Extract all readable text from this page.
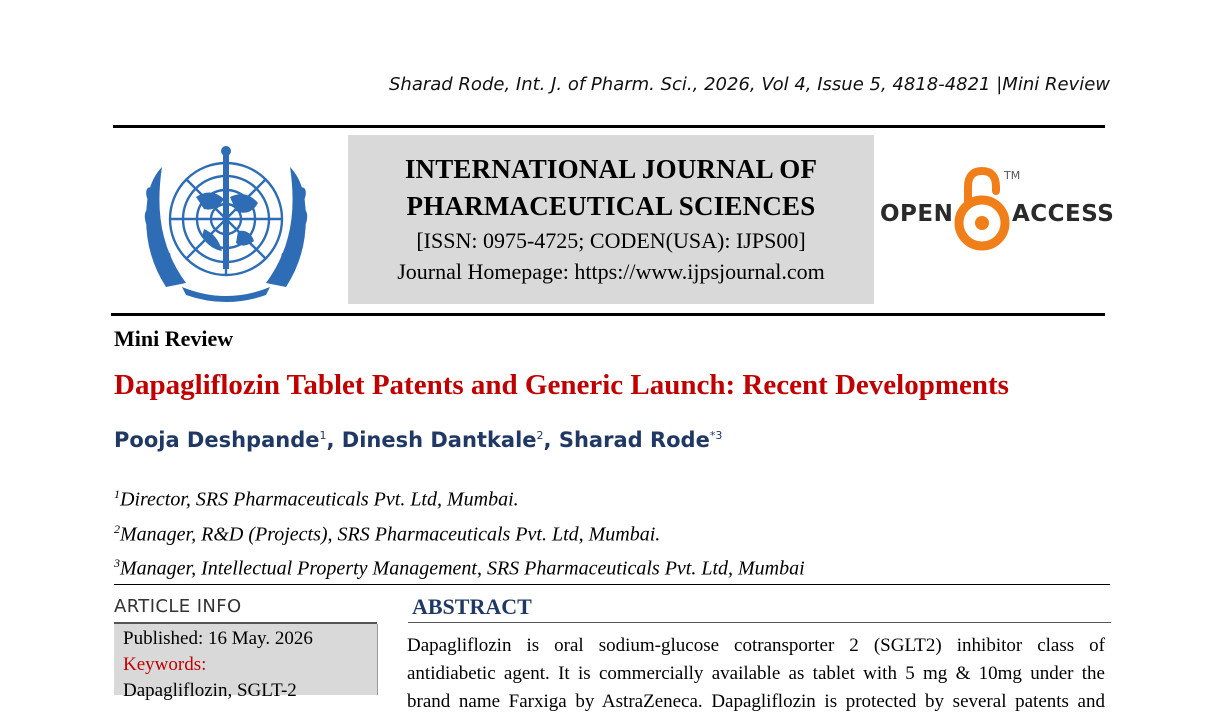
Sharad Rode, Int. J. of Pharm. Sci., 2026, Vol 4, Issue 5, 4818-4821 |Mini Review
INTERNATIONAL JOURNAL OF
PHARMACEUTICAL SCIENCES
[ISSN: 0975-4725; CODEN(USA): IJPS00]
Journal Homepage: https://www.ijpsjournal.com
OPEN
TM
ACCESS
Mini Review
Dapagliflozin Tablet Patents and Generic Launch: Recent Developments
Pooja Deshpande$^1$, Dinesh Dantkale$^2$, Sharad Rode$^{*3}$
$^1$Director, SRS Pharmaceuticals Pvt. Ltd, Mumbai.
$^2$Manager, R&D (Projects), SRS Pharmaceuticals Pvt. Ltd, Mumbai.
$^3$Manager, Intellectual Property Management, SRS Pharmaceuticals Pvt. Ltd, Mumbai
ARTICLE INFO
Published: 16 May. 2026
Keywords:
Dapagliflozin, SGLT-2
ABSTRACT
Dapagliflozin is oral sodium-glucose cotransporter 2 (SGLT2) inhibitor class of
antidiabetic agent. It is commercially available as tablet with 5 mg & 10mg under the
brand name Farxiga by AstraZeneca. Dapagliflozin is protected by several patents and
